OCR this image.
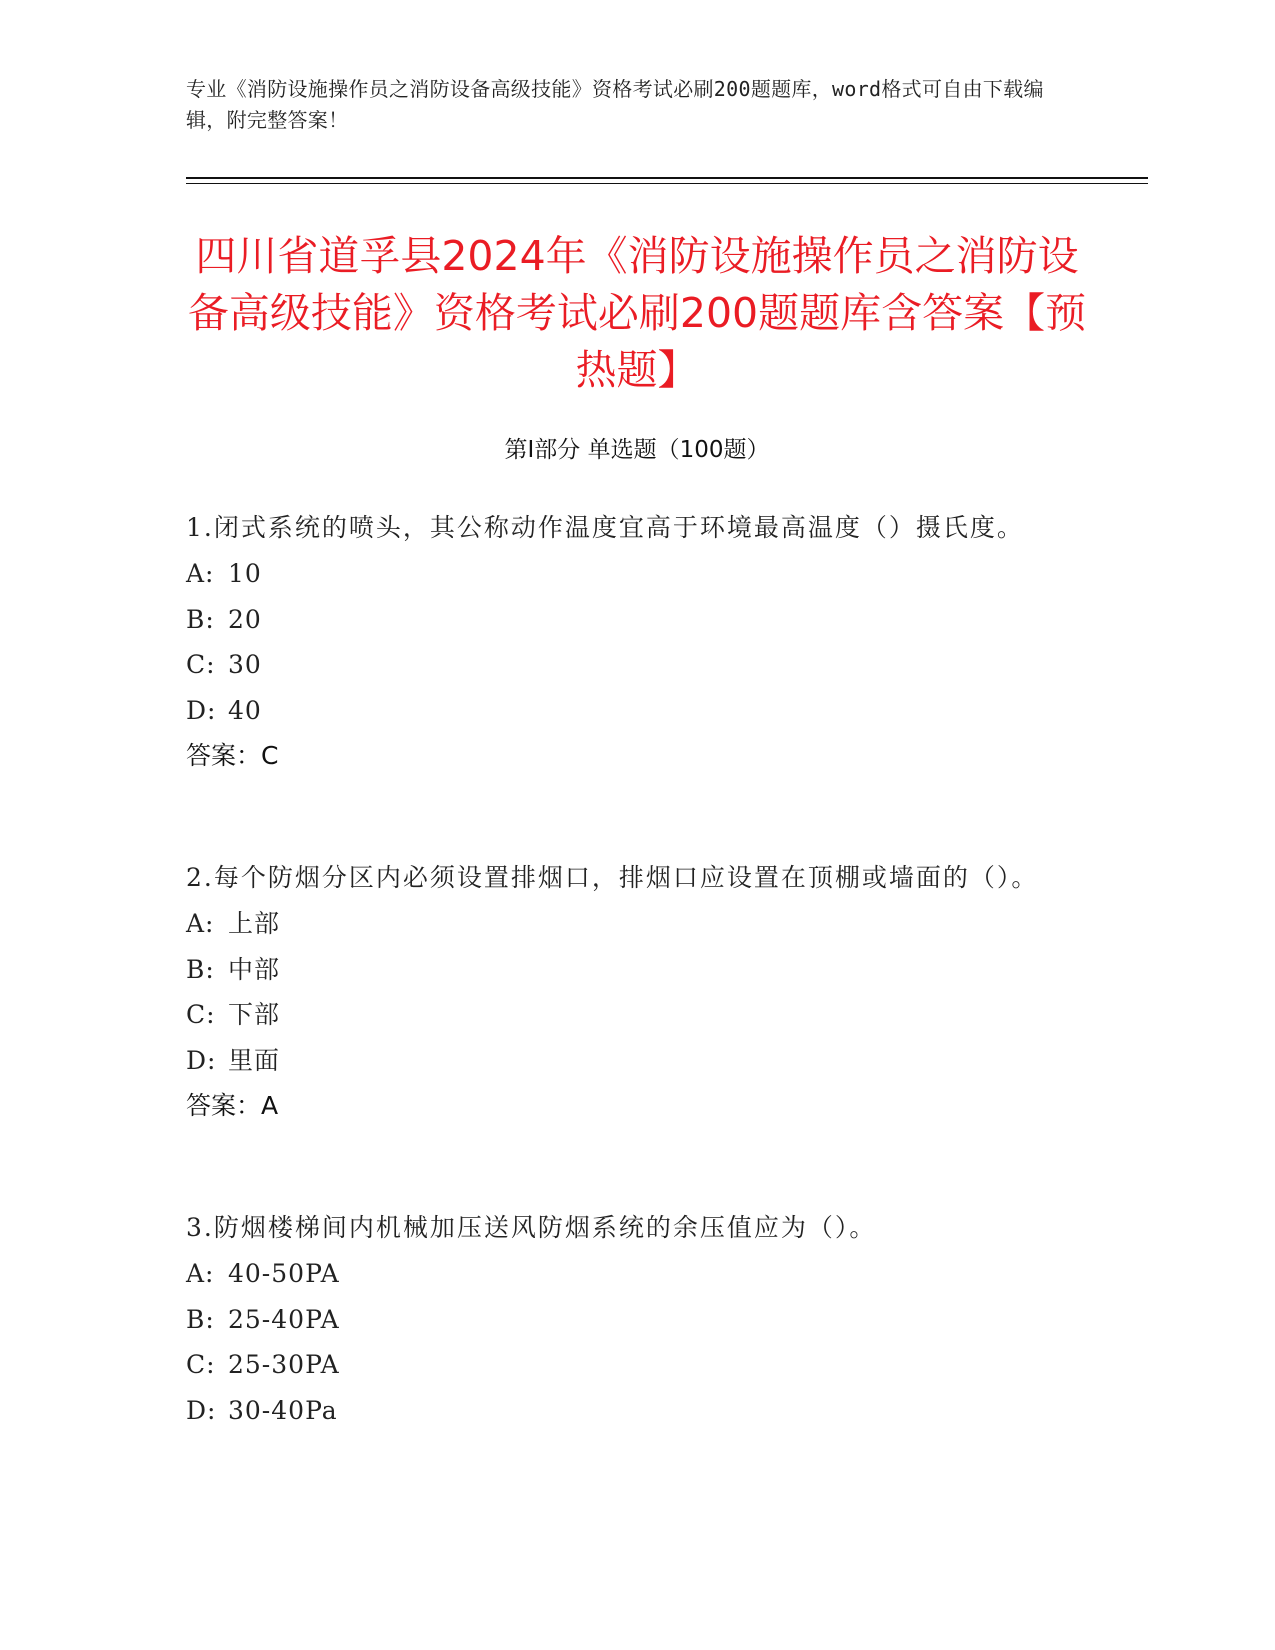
专业《消防设施操作员之消防设备高级技能》资格考试必刷200题题库，word格式可自由下载编辑，附完整答案！
四川省道孚县2024年《消防设施操作员之消防设备高级技能》资格考试必刷200题题库含答案【预热题】
第I部分 单选题（100题）
1.闭式系统的喷头，其公称动作温度宜高于环境最高温度（）摄氏度。
A: 10
B: 20
C: 30
D: 40
答案：C
2.每个防烟分区内必须设置排烟口，排烟口应设置在顶棚或墙面的（）。
A: 上部
B: 中部
C: 下部
D: 里面
答案：A
3.防烟楼梯间内机械加压送风防烟系统的余压值应为（）。
A: 40-50PA
B: 25-40PA
C: 25-30PA
D: 30-40Pa
